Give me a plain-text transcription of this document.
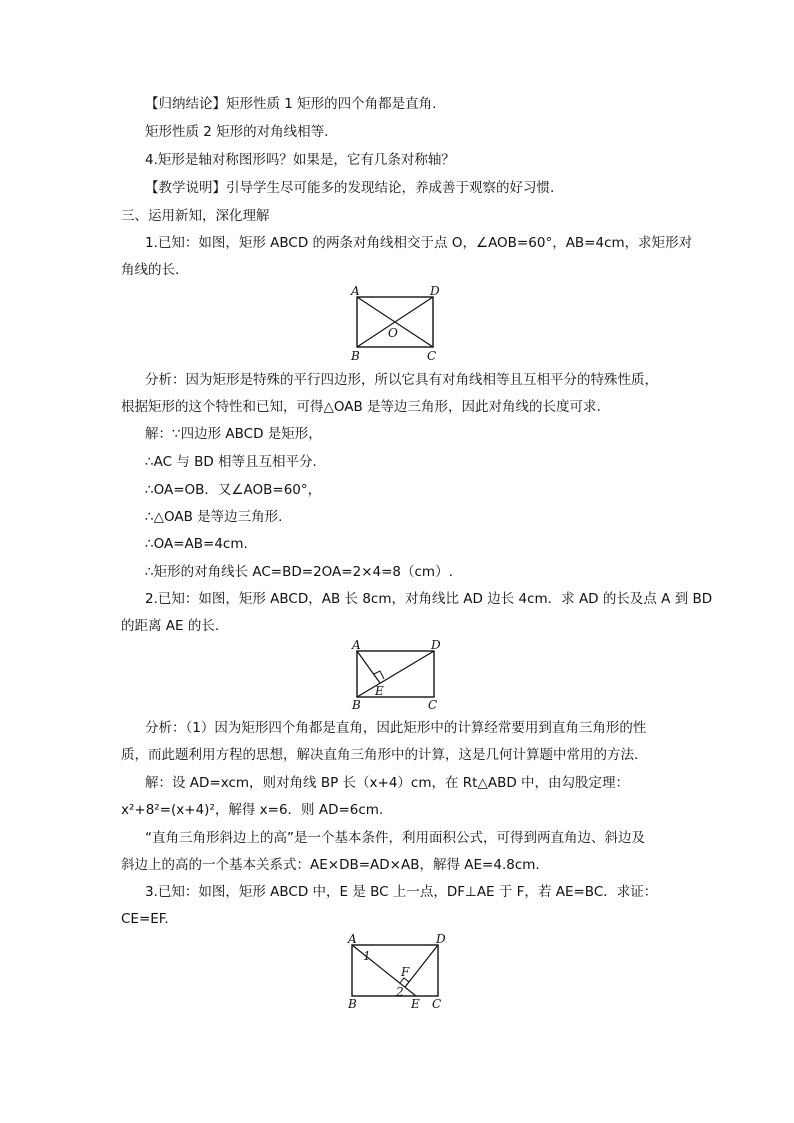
【归纳结论】矩形性质 1 矩形的四个角都是直角.
矩形性质 2 矩形的对角线相等.
4.矩形是轴对称图形吗？如果是，它有几条对称轴？
【教学说明】引导学生尽可能多的发现结论，养成善于观察的好习惯.
三、运用新知，深化理解
1.已知：如图，矩形 ABCD 的两条对角线相交于点 O，∠AOB=60°，AB=4cm，求矩形对
角线的长.
A	D
B	C
O
分析：因为矩形是特殊的平行四边形，所以它具有对角线相等且互相平分的特殊性质，
根据矩形的这个特性和已知，可得△OAB 是等边三角形，因此对角线的长度可求.
解：∵四边形 ABCD 是矩形，
∴AC 与 BD 相等且互相平分.
∴OA=OB．又∠AOB=60°，
∴△OAB 是等边三角形.
∴OA=AB=4cm.
∴矩形的对角线长 AC=BD=2OA=2×4=8（cm）.
2.已知：如图，矩形 ABCD，AB 长 8cm，对角线比 AD 边长 4cm．求 AD 的长及点 A 到 BD
的距离 AE 的长.
A	D
B	C
E
分析：（1）因为矩形四个角都是直角，因此矩形中的计算经常要用到直角三角形的性
质，而此题利用方程的思想，解决直角三角形中的计算，这是几何计算题中常用的方法.
解：设 AD=xcm，则对角线 BP 长（x+4）cm，在 Rt△ABD 中，由勾股定理：
x²+8²=(x+4)²，解得 x=6．则 AD=6cm.
“直角三角形斜边上的高”是一个基本条件，利用面积公式，可得到两直角边、斜边及
斜边上的高的一个基本关系式：AE×DB=AD×AB，解得 AE=4.8cm.
3.已知：如图，矩形 ABCD 中，E 是 BC 上一点，DF⊥AE 于 F，若 AE=BC．求证：
CE=EF.
A	D
B	E C
F
1
2
